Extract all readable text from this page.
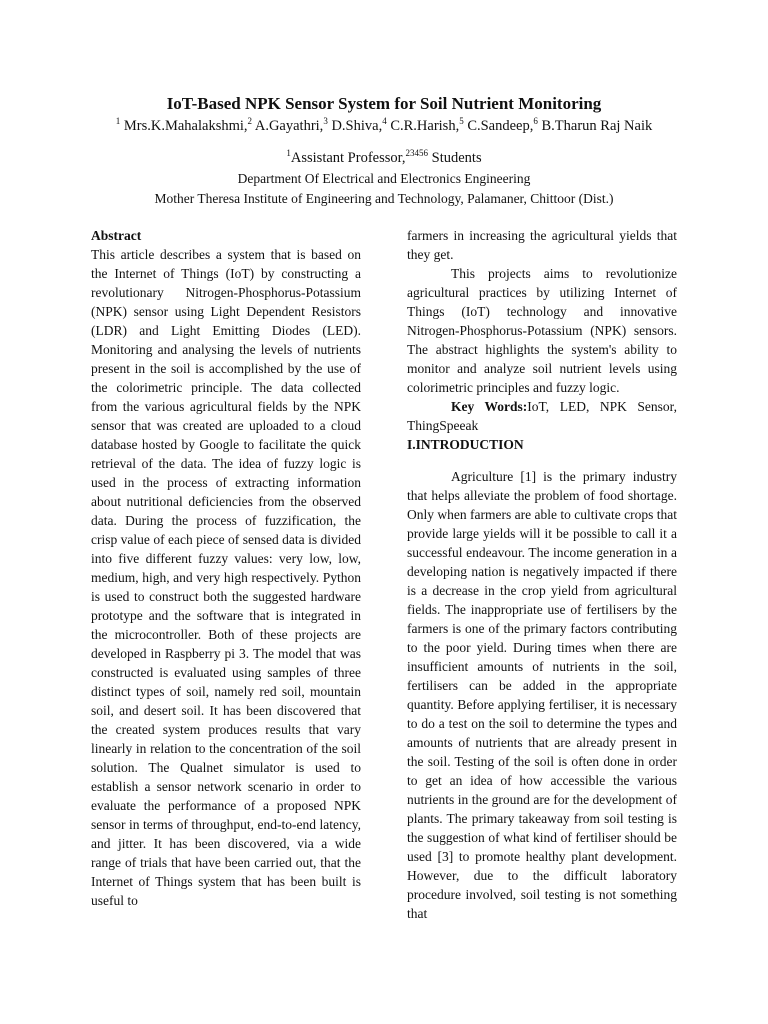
IoT-Based NPK Sensor System for Soil Nutrient Monitoring
$^1$ Mrs.K.Mahalakshmi,$^2$ A.Gayathri,$^3$ D.Shiva,$^4$ C.R.Harish,$^5$ C.Sandeep,$^6$ B.Tharun Raj Naik
$^1$Assistant Professor,$^{23456}$ Students
Department Of Electrical and Electronics Engineering
Mother Theresa Institute of Engineering and Technology, Palamaner, Chittoor (Dist.)

Abstract

This article describes a system that is based on the Internet of Things (IoT) by constructing a revolutionary Nitrogen-Phosphorus-Potassium (NPK) sensor using Light Dependent Resistors (LDR) and Light Emitting Diodes (LED). Monitoring and analysing the levels of nutrients present in the soil is accomplished by the use of the colorimetric principle. The data collected from the various agricultural fields by the NPK sensor that was created are uploaded to a cloud database hosted by Google to facilitate the quick retrieval of the data. The idea of fuzzy logic is used in the process of extracting information about nutritional deficiencies from the observed data. During the process of fuzzification, the crisp value of each piece of sensed data is divided into five different fuzzy values: very low, low, medium, high, and very high respectively. Python is used to construct both the suggested hardware prototype and the software that is integrated in the microcontroller. Both of these projects are developed in Raspberry pi 3. The model that was constructed is evaluated using samples of three distinct types of soil, namely red soil, mountain soil, and desert soil. It has been discovered that the created system produces results that vary linearly in relation to the concentration of the soil solution. The Qualnet simulator is used to establish a sensor network scenario in order to evaluate the performance of a proposed NPK sensor in terms of throughput, end-to-end latency, and jitter. It has been discovered, via a wide range of trials that have been carried out, that the Internet of Things system that has been built is useful to

farmers in increasing the agricultural yields that they get.

This projects aims to revolutionize agricultural practices by utilizing Internet of Things (IoT) technology and innovative Nitrogen-Phosphorus-Potassium (NPK) sensors. The abstract highlights the system's ability to monitor and analyze soil nutrient levels using colorimetric principles and fuzzy logic.

Key Words:IoT, LED, NPK Sensor, ThingSpeeak

I.INTRODUCTION

Agriculture [1] is the primary industry that helps alleviate the problem of food shortage. Only when farmers are able to cultivate crops that provide large yields will it be possible to call it a successful endeavour. The income generation in a developing nation is negatively impacted if there is a decrease in the crop yield from agricultural fields. The inappropriate use of fertilisers by the farmers is one of the primary factors contributing to the poor yield. During times when there are insufficient amounts of nutrients in the soil, fertilisers can be added in the appropriate quantity. Before applying fertiliser, it is necessary to do a test on the soil to determine the types and amounts of nutrients that are already present in the soil. Testing of the soil is often done in order to get an idea of how accessible the various nutrients in the ground are for the development of plants. The primary takeaway from soil testing is the suggestion of what kind of fertiliser should be used [3] to promote healthy plant development. However, due to the difficult laboratory procedure involved, soil testing is not something that
